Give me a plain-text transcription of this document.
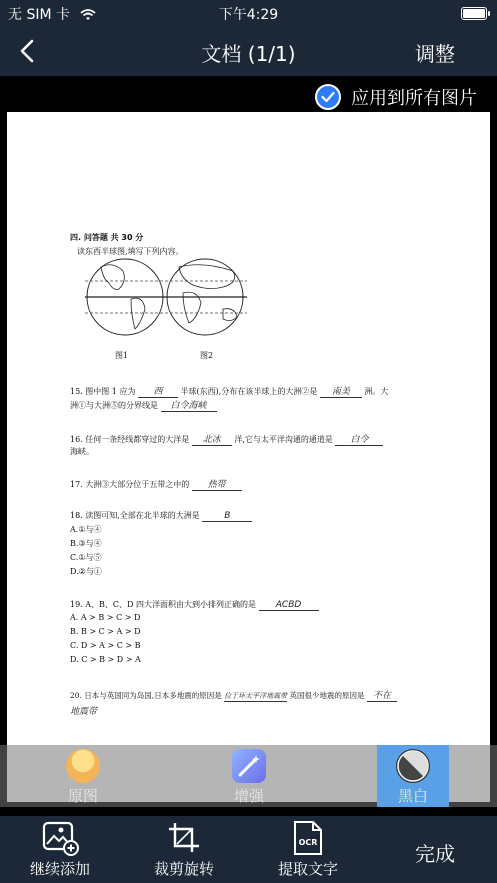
无 SIM 卡	下午4:29
文档 (1/1)	调整
应用到所有图片
四. 问答题 共 30 分
读东西半球图,填写下列内容。
图1	图2
15. 图中图 1 应为 西 半球(东西),分布在该半球上的大洲②是 南美 洲。大
洲①与大洲⑤的分界线是 白令海峡
16. 任何一条经线都穿过的大洋是 北冰 洋,它与太平洋沟通的通道是 白令
海峡。
17. 大洲③大部分位于五带之中的 热带
18. 读图可知,全部在北半球的大洲是	B
A.①与④
B.③与④
C.①与⑤
D.②与①
19. A、B、C、D 四大洋面积由大到小排列正确的是 ACBD
A. A > B > C > D
B. B > C > A > D
C. D > A > C > B
D. C > B > D > A
20. 日本与英国同为岛国,日本多地震的原因是 位于环太平洋地震带 英国很少地震的原因是 不在
地震带
原图	增强	黑白
继续添加	裁剪旋转
OCR
提取文字
完成
